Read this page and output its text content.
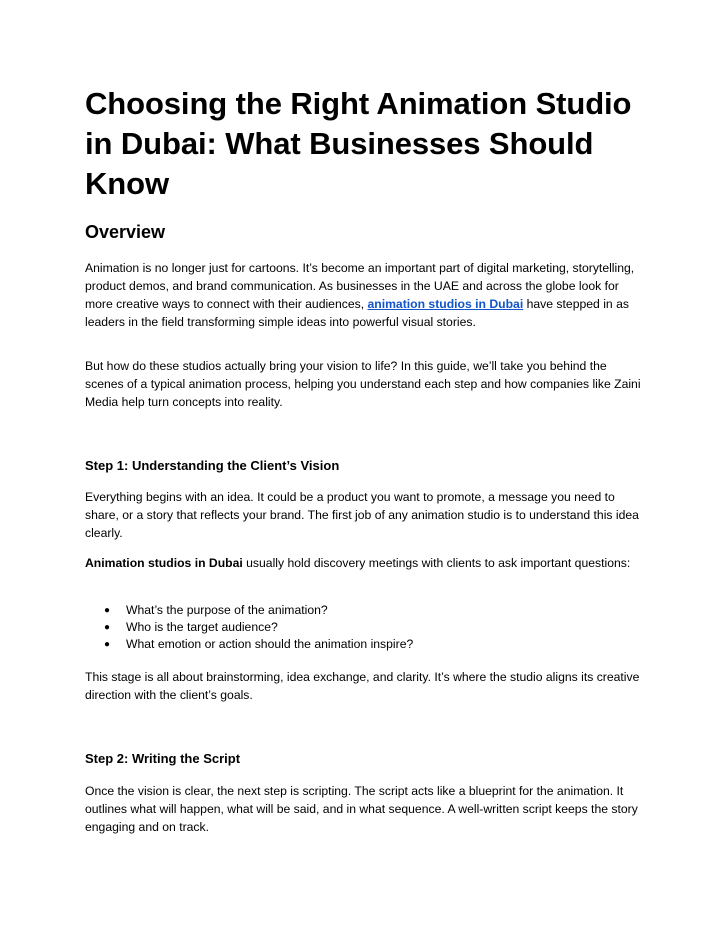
Choosing the Right Animation Studio in Dubai: What Businesses Should Know
Overview

Animation is no longer just for cartoons. It’s become an important part of digital marketing, storytelling, product demos, and brand communication. As businesses in the UAE and across the globe look for more creative ways to connect with their audiences, animation studios in Dubai have stepped in as leaders in the field transforming simple ideas into powerful visual stories.

But how do these studios actually bring your vision to life? In this guide, we’ll take you behind the scenes of a typical animation process, helping you understand each step and how companies like Zaini Media help turn concepts into reality.

Step 1: Understanding the Client’s Vision

Everything begins with an idea. It could be a product you want to promote, a message you need to share, or a story that reflects your brand. The first job of any animation studio is to understand this idea clearly.

Animation studios in Dubai usually hold discovery meetings with clients to ask important questions:

● What’s the purpose of the animation?
● Who is the target audience?
● What emotion or action should the animation inspire?

This stage is all about brainstorming, idea exchange, and clarity. It’s where the studio aligns its creative direction with the client’s goals.

Step 2: Writing the Script

Once the vision is clear, the next step is scripting. The script acts like a blueprint for the animation. It outlines what will happen, what will be said, and in what sequence. A well-written script keeps the story engaging and on track.
